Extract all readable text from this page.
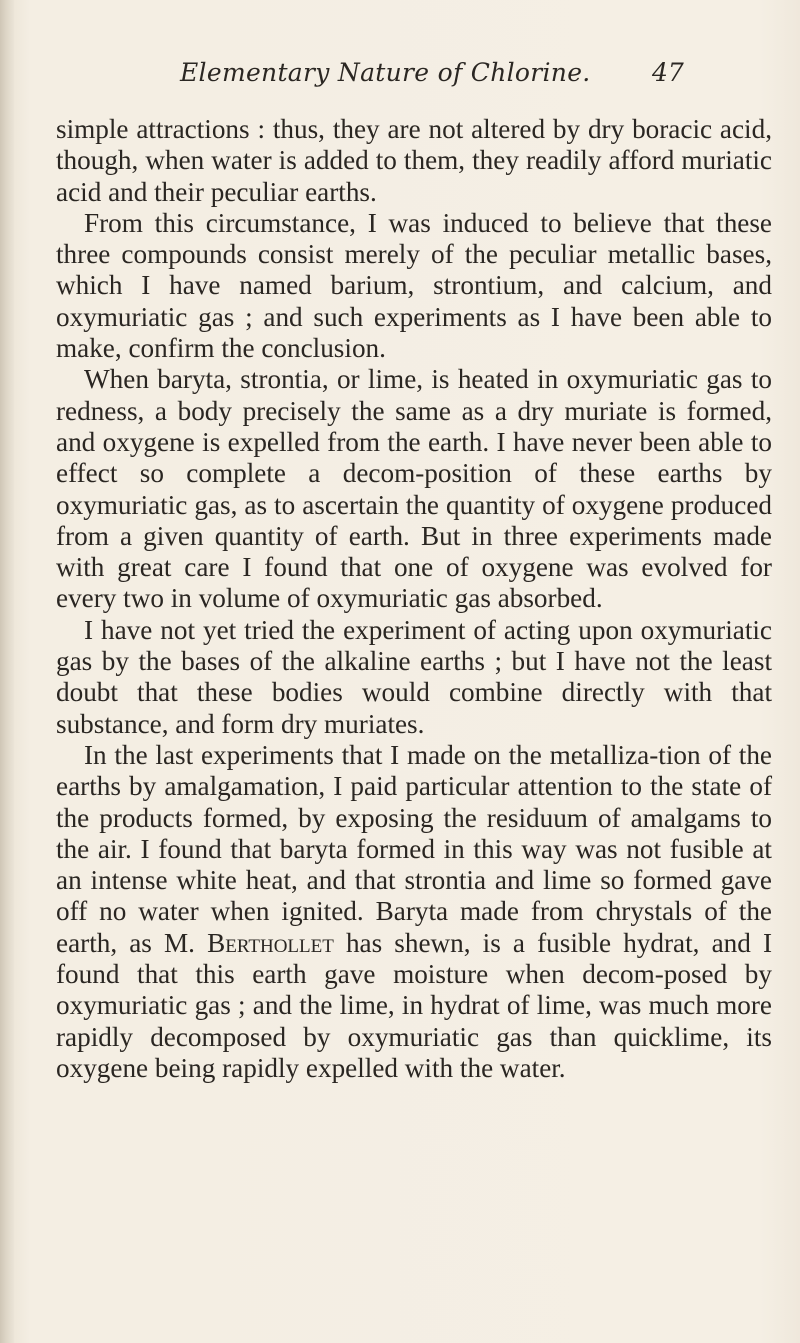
Elementary Nature of Chlorine. 47

simple attractions : thus, they are not altered by dry boracic acid, though, when water is added to them, they readily afford muriatic acid and their peculiar earths.

From this circumstance, I was induced to believe that these three compounds consist merely of the peculiar metallic bases, which I have named barium, strontium, and calcium, and oxymuriatic gas ; and such experiments as I have been able to make, confirm the conclusion.

When baryta, strontia, or lime, is heated in oxymuriatic gas to redness, a body precisely the same as a dry muriate is formed, and oxygene is expelled from the earth. I have never been able to effect so complete a decom-position of these earths by oxymuriatic gas, as to ascertain the quantity of oxygene produced from a given quantity of earth. But in three experiments made with great care I found that one of oxygene was evolved for every two in volume of oxymuriatic gas absorbed.

I have not yet tried the experiment of acting upon oxymuriatic gas by the bases of the alkaline earths ; but I have not the least doubt that these bodies would combine directly with that substance, and form dry muriates.

In the last experiments that I made on the metalliza-tion of the earths by amalgamation, I paid particular attention to the state of the products formed, by exposing the residuum of amalgams to the air. I found that baryta formed in this way was not fusible at an intense white heat, and that strontia and lime so formed gave off no water when ignited. Baryta made from chrystals of the earth, as M. Berthollet has shewn, is a fusible hydrat, and I found that this earth gave moisture when decom-posed by oxymuriatic gas ; and the lime, in hydrat of lime, was much more rapidly decomposed by oxymuriatic gas than quicklime, its oxygene being rapidly expelled with the water.
